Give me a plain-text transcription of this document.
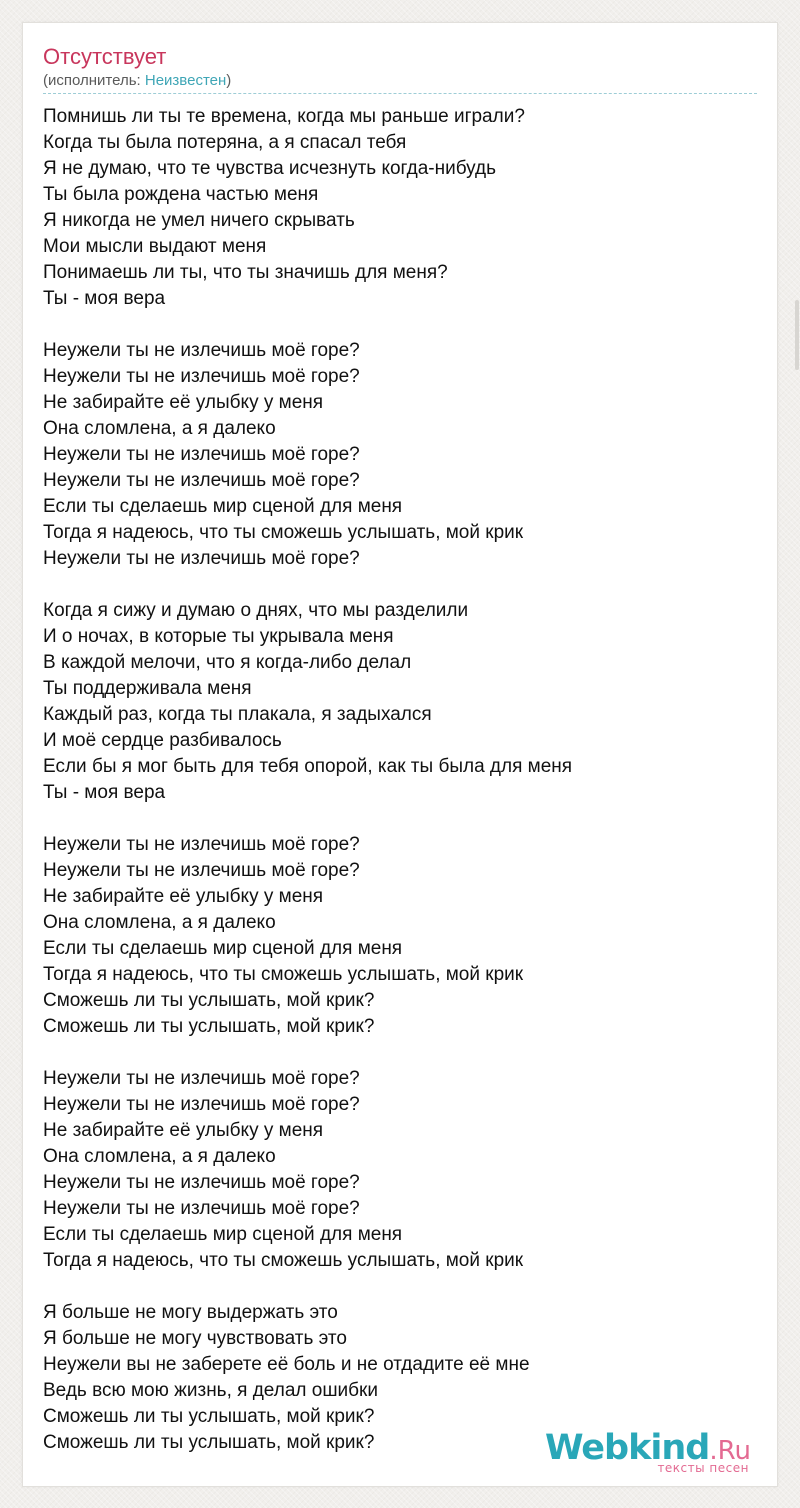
Отсутствует
(исполнитель: Неизвестен)
Помнишь ли ты те времена, когда мы раньше играли?
Когда ты была потеряна, а я спасал тебя
Я не думаю, что те чувства исчезнуть когда-нибудь
Ты была рождена частью меня
Я никогда не умел ничего скрывать
Мои мысли выдают меня
Понимаешь ли ты, что ты значишь для меня?
Ты - моя вера
Неужели ты не излечишь моё горе?
Неужели ты не излечишь моё горе?
Не забирайте её улыбку у меня
Она сломлена, а я далеко
Неужели ты не излечишь моё горе?
Неужели ты не излечишь моё горе?
Если ты сделаешь мир сценой для меня
Тогда я надеюсь, что ты сможешь услышать, мой крик
Неужели ты не излечишь моё горе?
Когда я сижу и думаю о днях, что мы разделили
И о ночах, в которые ты укрывала меня
В каждой мелочи, что я когда-либо делал
Ты поддерживала меня
Каждый раз, когда ты плакала, я задыхался
И моё сердце разбивалось
Если бы я мог быть для тебя опорой, как ты была для меня
Ты - моя вера
Неужели ты не излечишь моё горе?
Неужели ты не излечишь моё горе?
Не забирайте её улыбку у меня
Она сломлена, а я далеко
Если ты сделаешь мир сценой для меня
Тогда я надеюсь, что ты сможешь услышать, мой крик
Сможешь ли ты услышать, мой крик?
Сможешь ли ты услышать, мой крик?
Неужели ты не излечишь моё горе?
Неужели ты не излечишь моё горе?
Не забирайте её улыбку у меня
Она сломлена, а я далеко
Неужели ты не излечишь моё горе?
Неужели ты не излечишь моё горе?
Если ты сделаешь мир сценой для меня
Тогда я надеюсь, что ты сможешь услышать, мой крик
Я больше не могу выдержать это
Я больше не могу чувствовать это
Неужели вы не заберете её боль и не отдадите её мне
Ведь всю мою жизнь, я делал ошибки
Сможешь ли ты услышать, мой крик?
Сможешь ли ты услышать, мой крик?	Webkind.Ru
тексты песен
